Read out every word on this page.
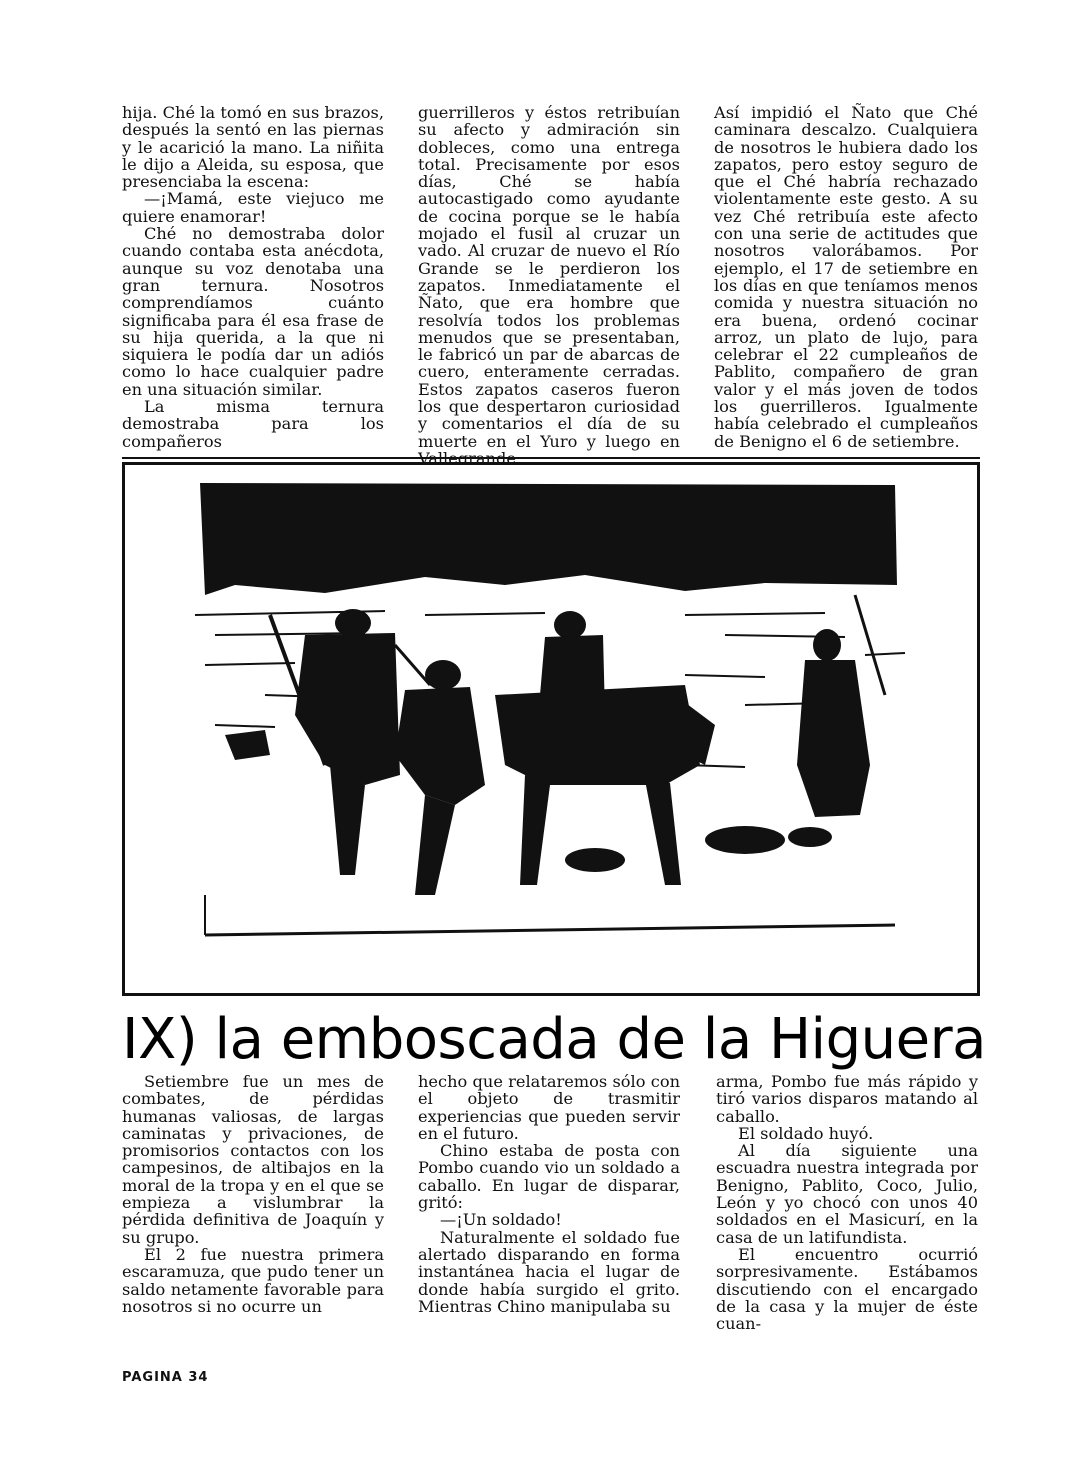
hija. Ché la tomó en sus brazos, después la sentó en las piernas y le acarició la mano. La niñita le dijo a Aleida, su esposa, que presenciaba la escena:

—¡Mamá, este viejuco me quiere enamorar!

Ché no demostraba dolor cuando contaba esta anécdota, aunque su voz denotaba una gran ternura. Nosotros comprendíamos cuánto significaba para él esa frase de su hija querida, a la que ni siquiera le podía dar un adiós como lo hace cualquier padre en una situación similar.

La misma ternura demostraba para los compañeros

guerrilleros y éstos retribuían su afecto y admiración sin dobleces, como una entrega total. Precisamente por esos días, Ché se había autocastigado como ayudante de cocina porque se le había mojado el fusil al cruzar un vado. Al cruzar de nuevo el Río Grande se le perdieron los zapatos. Inmediatamente el Ñato, que era hombre que resolvía todos los problemas menudos que se presentaban, le fabricó un par de abarcas de cuero, enteramente cerradas. Estos zapatos caseros fueron los que despertaron curiosidad y comentarios el día de su muerte en el Yuro y luego en

Así impidió el Ñato que Ché caminara descalzo. Cualquiera de nosotros le hubiera dado los zapatos, pero estoy seguro de que el Ché habría rechazado violentamente este gesto. A su vez Ché retribuía este afecto con una serie de actitudes que nosotros valorábamos. Por ejemplo, el 17 de setiembre en los días en que teníamos menos comida y nuestra situación no era buena, ordenó cocinar arroz, un plato de lujo, para celebrar el 22 cumpleaños de Pablito, compañero de gran valor y el más joven de todos los guerrilleros. Igualmente había celebrado el cumpleaños de Benigno el 6 de setiembre.

IX) la emboscada de la Higuera

Setiembre fue un mes de combates, de pérdidas humanas valiosas, de largas caminatas y privaciones, de promisorios contactos con los campesinos, de altibajos en la moral de la tropa y en el que se empieza a vislumbrar la pérdida definitiva de Joaquín y su grupo.

El 2 fue nuestra primera escaramuza, que pudo tener un saldo netamente favorable para nosotros si no ocurre un

hecho que relataremos sólo con el objeto de trasmitir experiencias que pueden servir en el futuro.

Chino estaba de posta con Pombo cuando vio un soldado a caballo. En lugar de disparar, gritó:

—¡Un soldado!

Naturalmente el soldado fue alertado disparando en forma instantánea hacia el lugar de donde había surgido el grito. Mientras Chino manipulaba su

arma, Pombo fue más rápido y tiró varios disparos matando al caballo.

El soldado huyó.

Al día siguiente una escuadra nuestra integrada por Benigno, Pablito, Coco, Julio, León y yo chocó con unos 40 soldados en el Masicurí, en la casa de un latifundista.

El encuentro ocurrió sorpresivamente. Estábamos discutiendo con el encargado de la casa y la mujer de éste cuan-

PAGINA 34
